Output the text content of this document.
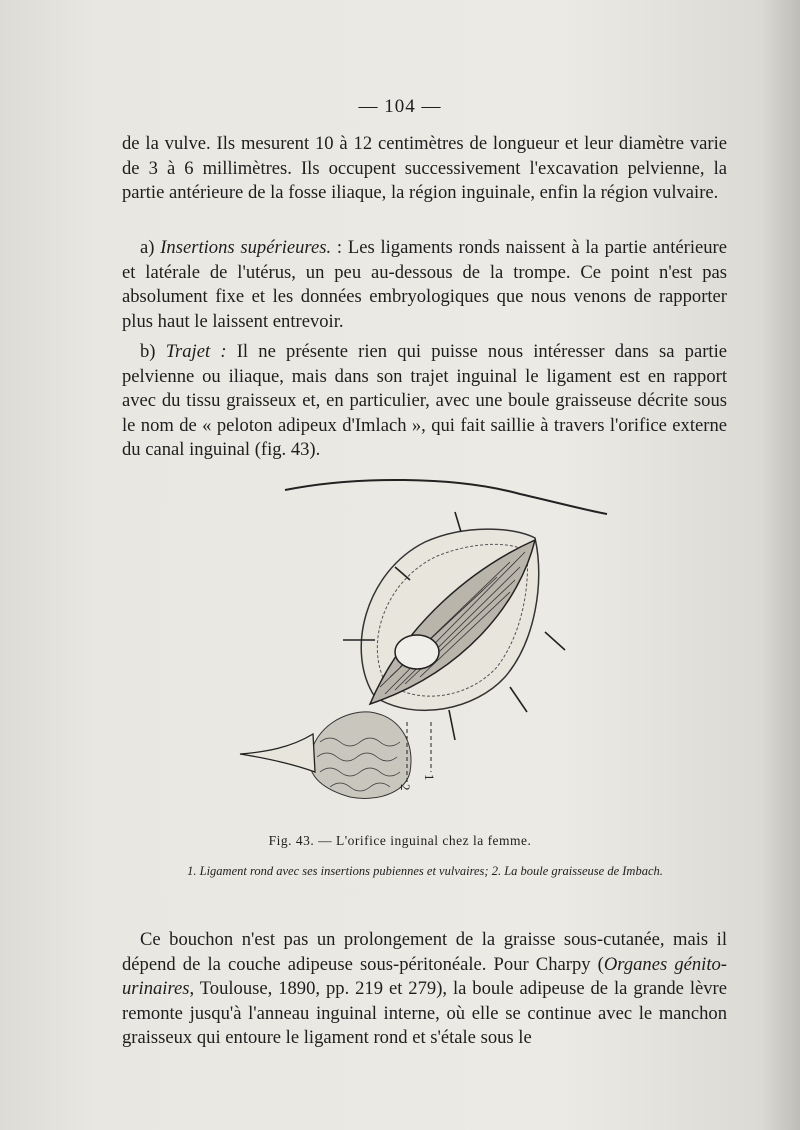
— 104 —

de la vulve. Ils mesurent 10 à 12 centimètres de longueur et leur diamètre varie de 3 à 6 millimètres. Ils occupent successivement l'excavation pelvienne, la partie antérieure de la fosse iliaque, la région inguinale, enfin la région vulvaire.

a) Insertions supérieures. : Les ligaments ronds naissent à la partie antérieure et latérale de l'utérus, un peu au-dessous de la trompe. Ce point n'est pas absolument fixe et les données embryologiques que nous venons de rapporter plus haut le laissent entrevoir.

b) Trajet : Il ne présente rien qui puisse nous intéresser dans sa partie pelvienne ou iliaque, mais dans son trajet inguinal le ligament est en rapport avec du tissu graisseux et, en particulier, avec une boule graisseuse décrite sous le nom de « peloton adipeux d'Imlach », qui fait saillie à travers l'orifice externe du canal inguinal (fig. 43).

1
2
Fig. 43. — L'orifice inguinal chez la femme.
1. Ligament rond avec ses insertions pubiennes et vulvaires; 2. La boule graisseuse de Imbach.

Ce bouchon n'est pas un prolongement de la graisse sous-cutanée, mais il dépend de la couche adipeuse sous-péritonéale. Pour Charpy (Organes génito-urinaires, Toulouse, 1890, pp. 219 et 279), la boule adipeuse de la grande lèvre remonte jusqu'à l'anneau inguinal interne, où elle se continue avec le manchon graisseux qui entoure le ligament rond et s'étale sous le
